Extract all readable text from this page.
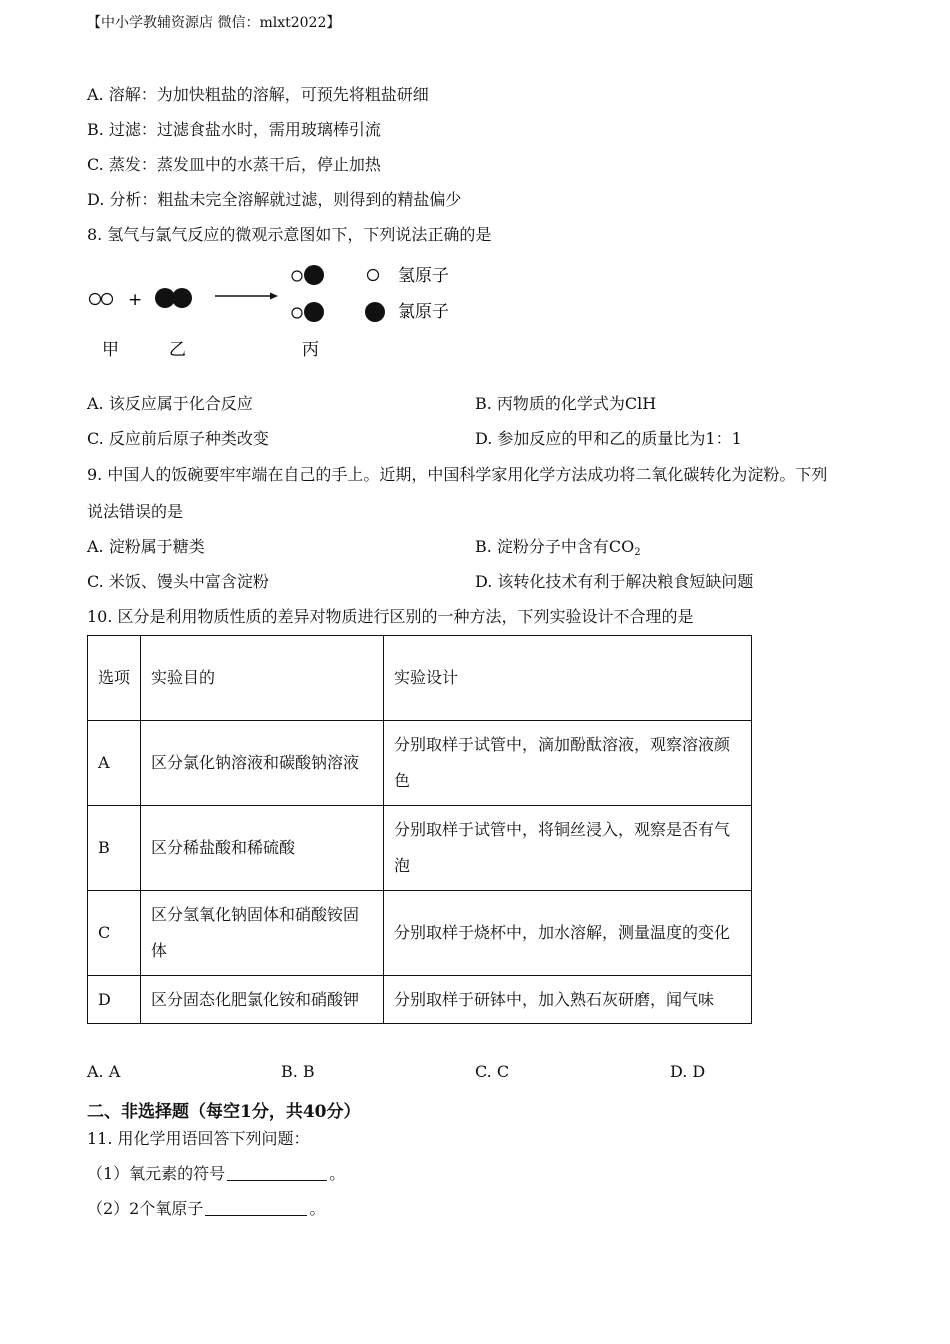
【中小学教辅资源店 微信：mlxt2022】
A. 溶解：为加快粗盐的溶解，可预先将粗盐研细
B. 过滤：过滤食盐水时，需用玻璃棒引流
C. 蒸发：蒸发皿中的水蒸干后，停止加热
D. 分析：粗盐未完全溶解就过滤，则得到的精盐偏少
8. 氢气与氯气反应的微观示意图如下，下列说法正确的是
+
氢原子
氯原子
甲	乙	丙
A. 该反应属于化合反应	B. 丙物质的化学式为ClH
C. 反应前后原子种类改变	D. 参加反应的甲和乙的质量比为1：1
9. 中国人的饭碗要牢牢端在自己的手上。近期，中国科学家用化学方法成功将二氧化碳转化为淀粉。下列
说法错误的是
A. 淀粉属于糖类	B. 淀粉分子中含有$CO_2$
C. 米饭、馒头中富含淀粉	D. 该转化技术有利于解决粮食短缺问题
10. 区分是利用物质性质的差异对物质进行区别的一种方法，下列实验设计不合理的是
选项	实验目的	实验设计
A	区分氯化钠溶液和碳酸钠溶液	分别取样于试管中，滴加酚酞溶液，观察溶液颜色
B	区分稀盐酸和稀硫酸	分别取样于试管中，将铜丝浸入，观察是否有气泡
C	区分氢氧化钠固体和硝酸铵固体	分别取样于烧杯中，加水溶解，测量温度的变化
D	区分固态化肥氯化铵和硝酸钾	分别取样于研钵中，加入熟石灰研磨，闻气味
A. A	B. B	C. C	D. D
二、非选择题（每空1分，共40分）
11. 用化学用语回答下列问题：
（1）氧元素的符号	。
（2）2个氧原子	。
